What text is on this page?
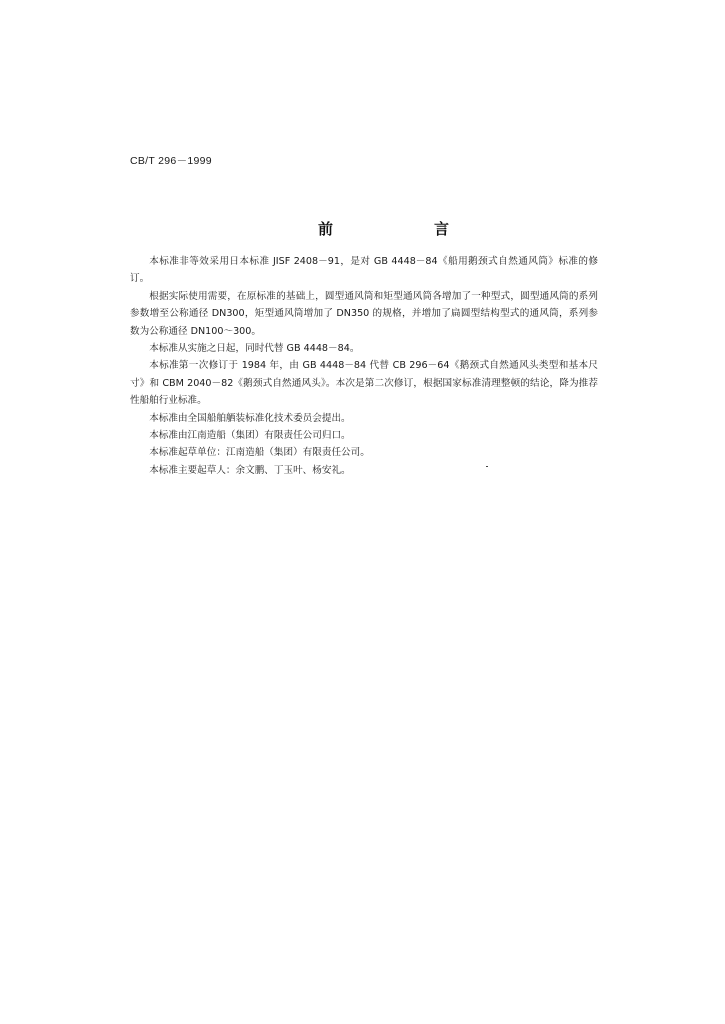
CB/T 296－1999
前　言

本标准非等效采用日本标准 JISF 2408－91，是对 GB 4448－84《船用鹅颈式自然通风筒》标准的修订。

根据实际使用需要，在原标准的基础上，圆型通风筒和矩型通风筒各增加了一种型式，圆型通风筒的系列参数增至公称通径 DN300，矩型通风筒增加了 DN350 的规格，并增加了扁圆型结构型式的通风筒，系列参数为公称通径 DN100～300。

本标准从实施之日起，同时代替 GB 4448－84。

本标准第一次修订于 1984 年，由 GB 4448－84 代替 CB 296－64《鹅颈式自然通风头类型和基本尺寸》和 CBM 2040－82《鹅颈式自然通风头》。本次是第二次修订，根据国家标准清理整顿的结论，降为推荐性船舶行业标准。

本标准由全国船舶舾装标准化技术委员会提出。

本标准由江南造船（集团）有限责任公司归口。

本标准起草单位：江南造船（集团）有限责任公司。

本标准主要起草人：余文鹏、丁玉叶、杨安礼。
